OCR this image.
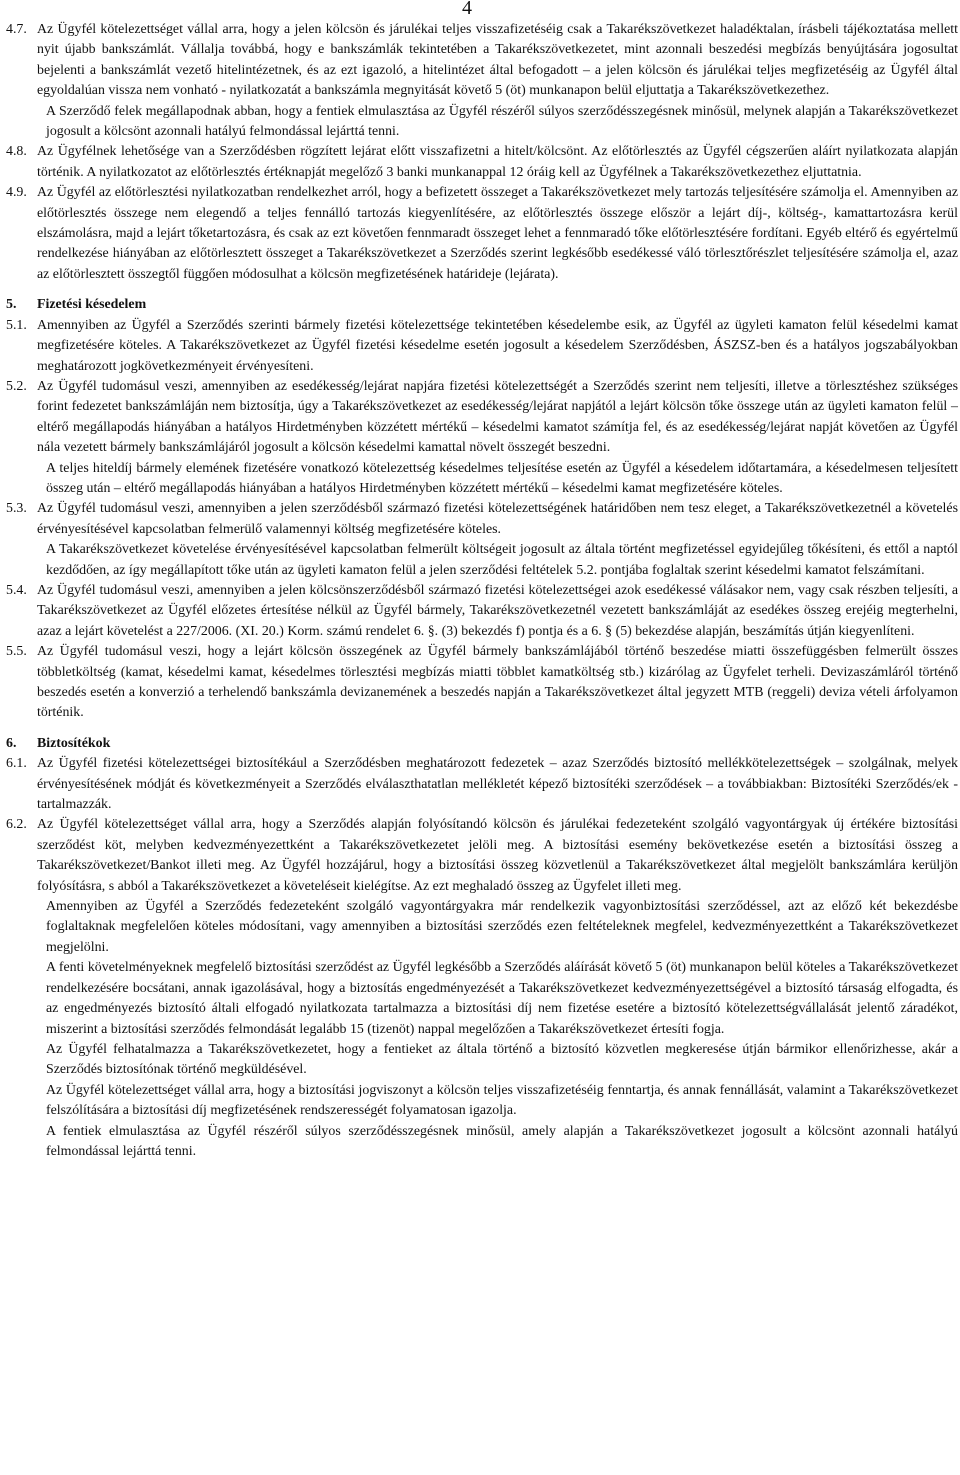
4
4.7. Az Ügyfél kötelezettséget vállal arra, hogy a jelen kölcsön és járulékai teljes visszafizetéséig csak a Takarékszövetkezet haladéktalan, írásbeli tájékoztatása mellett nyit újabb bankszámlát. Vállalja továbbá, hogy e bankszámlák tekintetében a Takarékszövetkezetet, mint azonnali beszedési megbízás benyújtására jogosultat bejelenti a bankszámlát vezető hitelintézetnek, és az ezt igazoló, a hitelintézet által befogadott – a jelen kölcsön és járulékai teljes megfizetéséig az Ügyfél által egyoldalúan vissza nem vonható - nyilatkozatát a bankszámla megnyitását követő 5 (öt) munkanapon belül eljuttatja a Takarékszövetkezethez.

A Szerződő felek megállapodnak abban, hogy a fentiek elmulasztása az Ügyfél részéről súlyos szerződésszegésnek minősül, melynek alapján a Takarékszövetkezet jogosult a kölcsönt azonnali hatályú felmondással lejárttá tenni.

4.8. Az Ügyfélnek lehetősége van a Szerződésben rögzített lejárat előtt visszafizetni a hitelt/kölcsönt. Az előtörlesztés az Ügyfél cégszerűen aláírt nyilatkozata alapján történik. A nyilatkozatot az előtörlesztés értéknapját megelőző 3 banki munkanappal 12 óráig kell az Ügyfélnek a Takarékszövetkezethez eljuttatnia.

4.9. Az Ügyfél az előtörlesztési nyilatkozatban rendelkezhet arról, hogy a befizetett összeget a Takarékszövetkezet mely tartozás teljesítésére számolja el. Amennyiben az előtörlesztés összege nem elegendő a teljes fennálló tartozás kiegyenlítésére, az előtörlesztés összege először a lejárt díj-, költség-, kamattartozásra kerül elszámolásra, majd a lejárt tőketartozásra, és csak az ezt követően fennmaradt összeget lehet a fennmaradó tőke előtörlesztésére fordítani. Egyéb eltérő és egyértelmű rendelkezése hiányában az előtörlesztett összeget a Takarékszövetkezet a Szerződés szerint legkésőbb esedékessé váló törlesztőrészlet teljesítésére számolja el, azaz az előtörlesztett összegtől függően módosulhat a kölcsön megfizetésének határideje (lejárata).

5.	Fizetési késedelem
5.1. Amennyiben az Ügyfél a Szerződés szerinti bármely fizetési kötelezettsége tekintetében késedelembe esik, az Ügyfél az ügyleti kamaton felül késedelmi kamat megfizetésére köteles. A Takarékszövetkezet az Ügyfél fizetési késedelme esetén jogosult a késedelem Szerződésben, ÁSZSZ-ben és a hatályos jogszabályokban meghatározott jogkövetkezményeit érvényesíteni.

5.2. Az Ügyfél tudomásul veszi, amennyiben az esedékesség/lejárat napjára fizetési kötelezettségét a Szerződés szerint nem teljesíti, illetve a törlesztéshez szükséges forint fedezetet bankszámláján nem biztosítja, úgy a Takarékszövetkezet az esedékesség/lejárat napjától a lejárt kölcsön tőke összege után az ügyleti kamaton felül – eltérő megállapodás hiányában a hatályos Hirdetményben közzétett mértékű – késedelmi kamatot számítja fel, és az esedékesség/lejárat napját követően az Ügyfél nála vezetett bármely bankszámlájáról jogosult a kölcsön késedelmi kamattal növelt összegét beszedni.

A teljes hiteldíj bármely elemének fizetésére vonatkozó kötelezettség késedelmes teljesítése esetén az Ügyfél a késedelem időtartamára, a késedelmesen teljesített összeg után – eltérő megállapodás hiányában a hatályos Hirdetményben közzétett mértékű – késedelmi kamat megfizetésére köteles.

5.3. Az Ügyfél tudomásul veszi, amennyiben a jelen szerződésből származó fizetési kötelezettségének határidőben nem tesz eleget, a Takarékszövetkezetnél a követelés érvényesítésével kapcsolatban felmerülő valamennyi költség megfizetésére köteles.

A Takarékszövetkezet követelése érvényesítésével kapcsolatban felmerült költségeit jogosult az általa történt megfizetéssel egyidejűleg tőkésíteni, és ettől a naptól kezdődően, az így megállapított tőke után az ügyleti kamaton felül a jelen szerződési feltételek 5.2. pontjába foglaltak szerint késedelmi kamatot felszámítani.

5.4. Az Ügyfél tudomásul veszi, amennyiben a jelen kölcsönszerződésből származó fizetési kötelezettségei azok esedékessé válásakor nem, vagy csak részben teljesíti, a Takarékszövetkezet az Ügyfél előzetes értesítése nélkül az Ügyfél bármely, Takarékszövetkezetnél vezetett bankszámláját az esedékes összeg erejéig megterhelni, azaz a lejárt követelést a 227/2006. (XI. 20.) Korm. számú rendelet 6. §. (3) bekezdés f) pontja és a 6. § (5) bekezdése alapján, beszámítás útján kiegyenlíteni.

5.5. Az Ügyfél tudomásul veszi, hogy a lejárt kölcsön összegének az Ügyfél bármely bankszámlájából történő beszedése miatti összefüggésben felmerült összes többletköltség (kamat, késedelmi kamat, késedelmes törlesztési megbízás miatti többlet kamatköltség stb.) kizárólag az Ügyfelet terheli. Devizaszámláról történő beszedés esetén a konverzió a terhelendő bankszámla devizanemének a beszedés napján a Takarékszövetkezet által jegyzett MTB (reggeli) deviza vételi árfolyamon történik.

6.	Biztosítékok
6.1. Az Ügyfél fizetési kötelezettségei biztosítékául a Szerződésben meghatározott fedezetek – azaz Szerződés biztosító mellékkötelezettségek – szolgálnak, melyek érvényesítésének módját és következményeit a Szerződés elválaszthatatlan mellékletét képező biztosítéki szerződések – a továbbiakban: Biztosítéki Szerződés/ek - tartalmazzák.

6.2. Az Ügyfél kötelezettséget vállal arra, hogy a Szerződés alapján folyósítandó kölcsön és járulékai fedezeteként szolgáló vagyontárgyak új értékére biztosítási szerződést köt, melyben kedvezményezettként a Takarékszövetkezetet jelöli meg. A biztosítási esemény bekövetkezése esetén a biztosítási összeg a Takarékszövetkezet/Bankot illeti meg. Az Ügyfél hozzájárul, hogy a biztosítási összeg közvetlenül a Takarékszövetkezet által megjelölt bankszámlára kerüljön folyósításra, s abból a Takarékszövetkezet a követeléseit kielégítse. Az ezt meghaladó összeg az Ügyfelet illeti meg.

Amennyiben az Ügyfél a Szerződés fedezeteként szolgáló vagyontárgyakra már rendelkezik vagyonbiztosítási szerződéssel, azt az előző két bekezdésbe foglaltaknak megfelelően köteles módosítani, vagy amennyiben a biztosítási szerződés ezen feltételeknek megfelel, kedvezményezettként a Takarékszövetkezet megjelölni.

A fenti követelményeknek megfelelő biztosítási szerződést az Ügyfél legkésőbb a Szerződés aláírását követő 5 (öt) munkanapon belül köteles a Takarékszövetkezet rendelkezésére bocsátani, annak igazolásával, hogy a biztosítás engedményezését a Takarékszövetkezet kedvezményezettségével a biztosító társaság elfogadta, és az engedményezés biztosító általi elfogadó nyilatkozata tartalmazza a biztosítási díj nem fizetése esetére a biztosító kötelezettségvállalását jelentő záradékot, miszerint a biztosítási szerződés felmondását legalább 15 (tizenöt) nappal megelőzően a Takarékszövetkezet értesíti fogja.

Az Ügyfél felhatalmazza a Takarékszövetkezetet, hogy a fentieket az általa történő a biztosító közvetlen megkeresése útján bármikor ellenőrizhesse, akár a Szerződés biztosítónak történő megküldésével.

Az Ügyfél kötelezettséget vállal arra, hogy a biztosítási jogviszonyt a kölcsön teljes visszafizetéséig fenntartja, és annak fennállását, valamint a Takarékszövetkezet felszólítására a biztosítási díj megfizetésének rendszerességét folyamatosan igazolja.

A fentiek elmulasztása az Ügyfél részéről súlyos szerződésszegésnek minősül, amely alapján a Takarékszövetkezet jogosult a kölcsönt azonnali hatályú felmondással lejárttá tenni.
